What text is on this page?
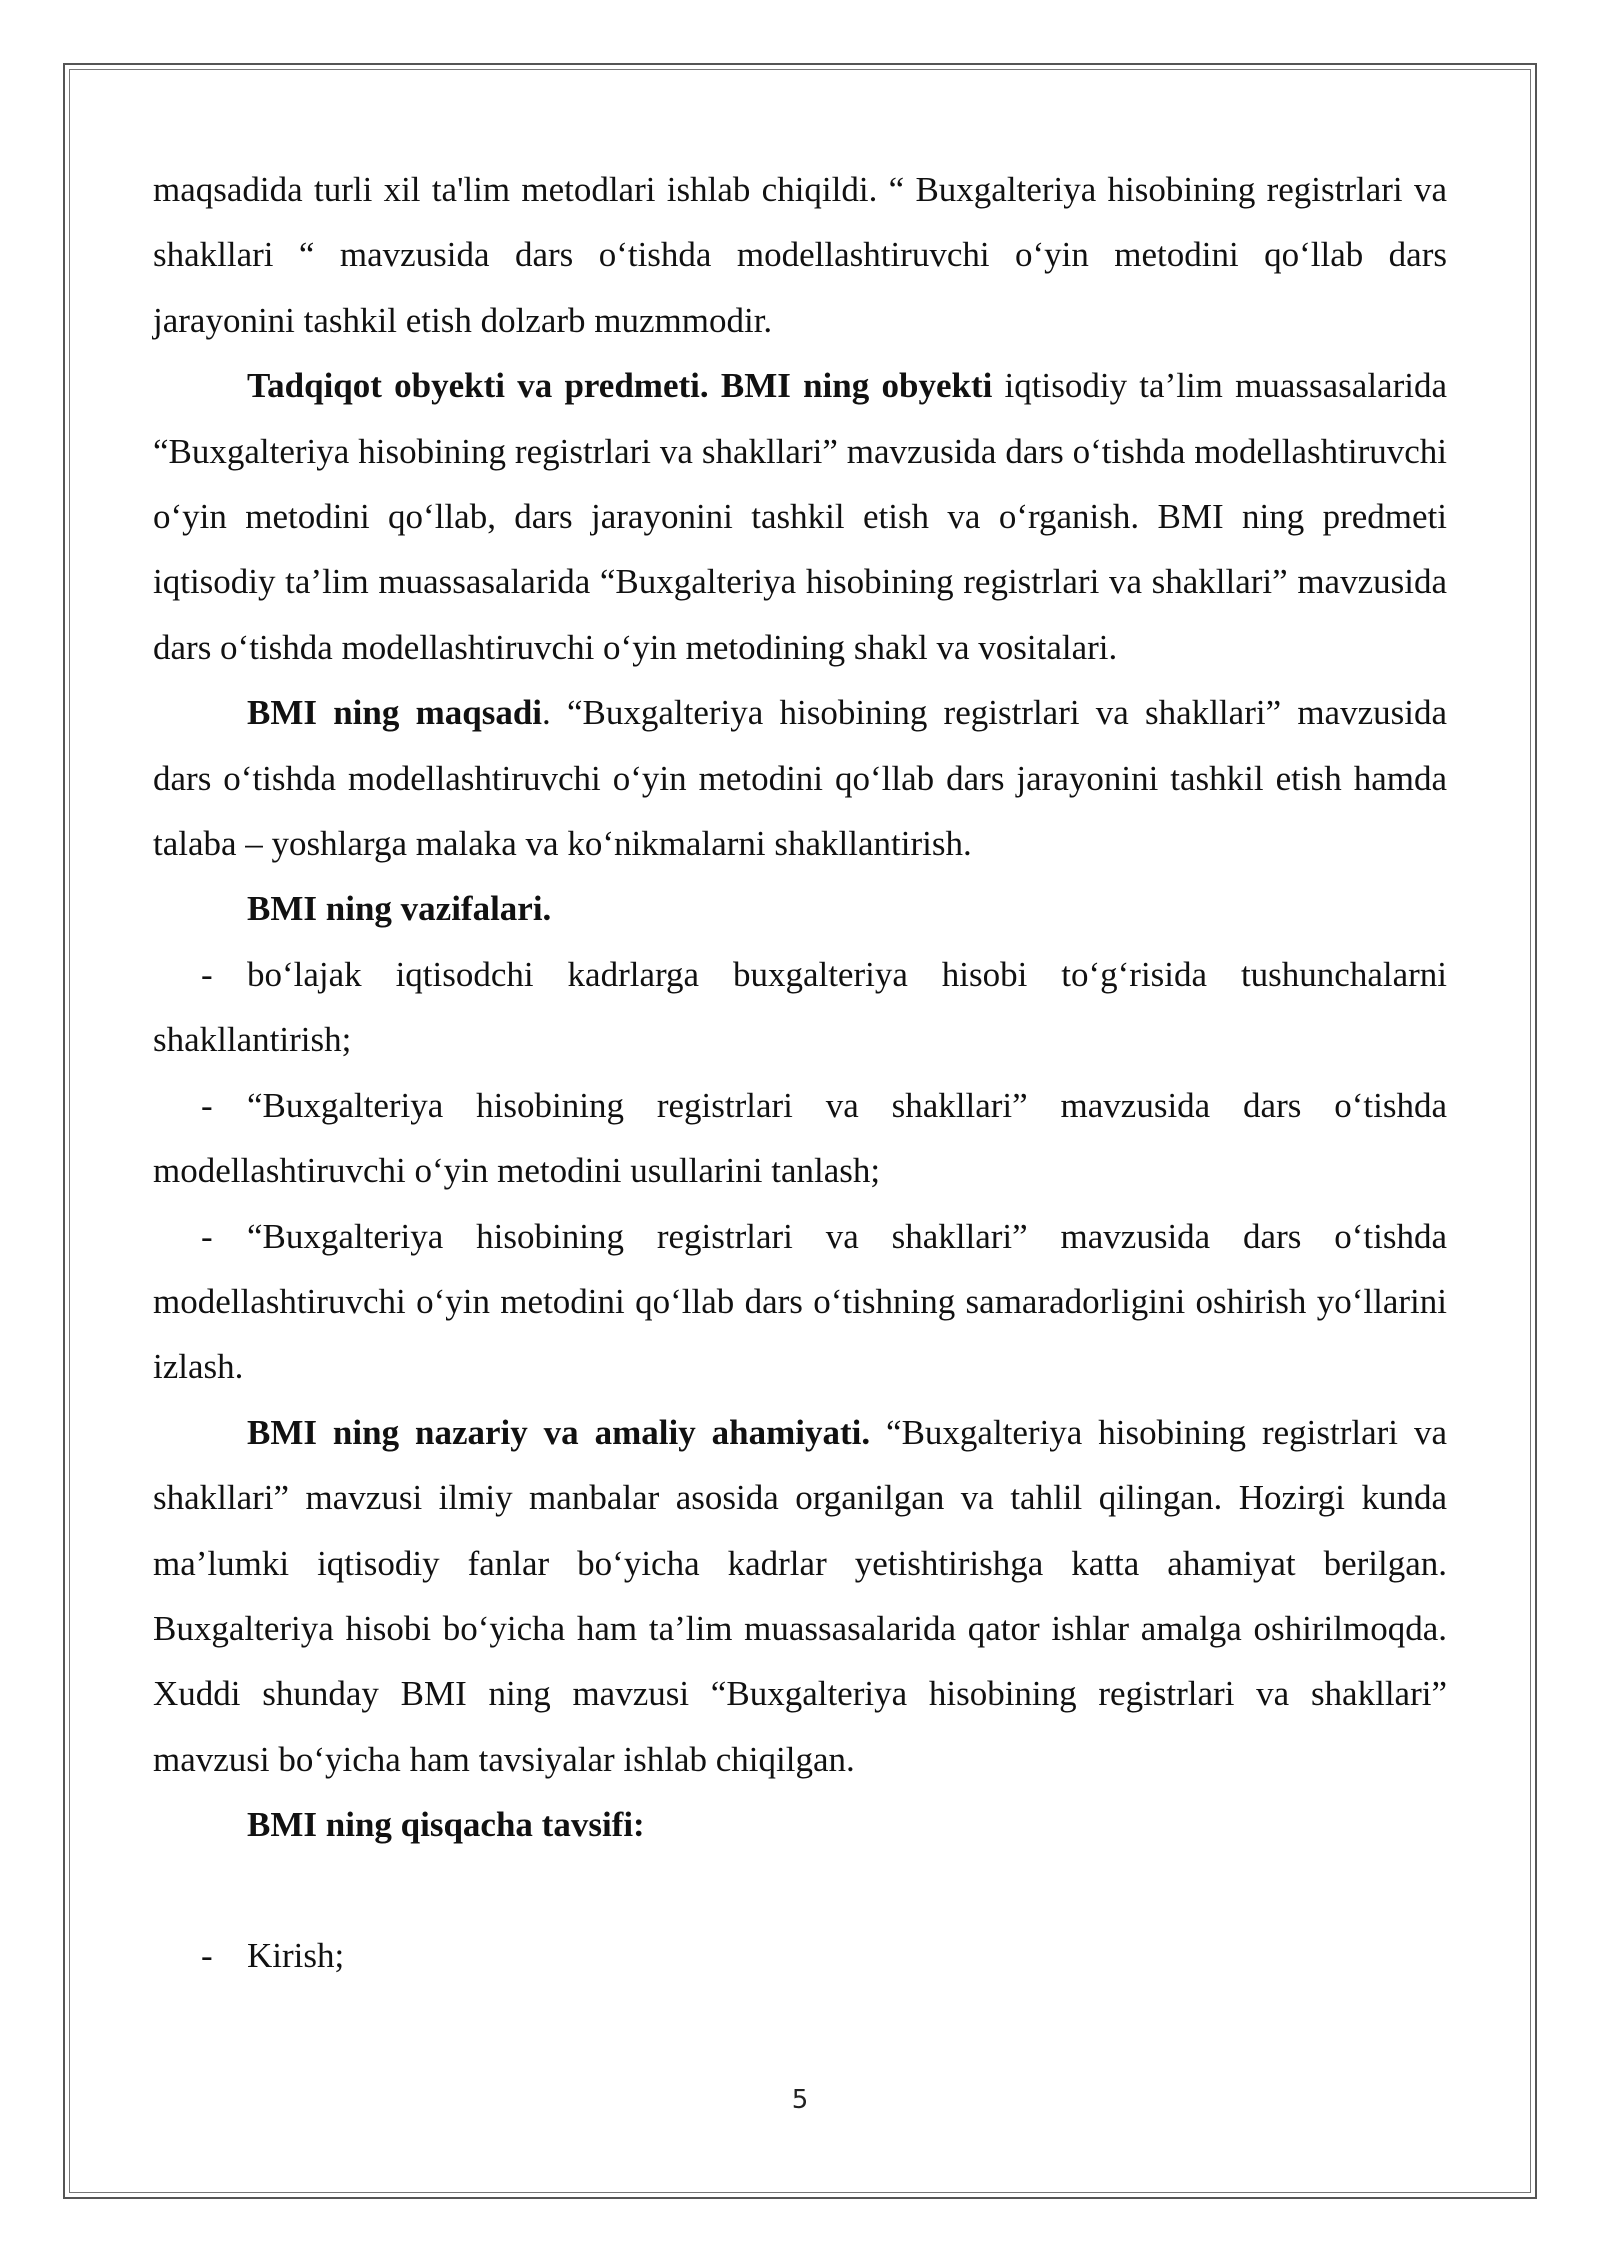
maqsadida turli xil ta'lim metodlari ishlab chiqildi. “ Buxgalteriya hisobining registrlari va shakllari “ mavzusida dars o‘tishda modellashtiruvchi o‘yin metodini qo‘llab dars jarayonini tashkil etish dolzarb muzmmodir.

Tadqiqot obyekti va predmeti. BMI ning obyekti iqtisodiy ta’lim muassasalarida “Buxgalteriya hisobining registrlari va shakllari” mavzusida dars o‘tishda modellashtiruvchi o‘yin metodini qo‘llab, dars jarayonini tashkil etish va o‘rganish. BMI ning predmeti iqtisodiy ta’lim muassasalarida “Buxgalteriya hisobining registrlari va shakllari” mavzusida dars o‘tishda modellashtiruvchi o‘yin metodining shakl va vositalari.

BMI ning maqsadi. “Buxgalteriya hisobining registrlari va shakllari” mavzusida dars o‘tishda modellashtiruvchi o‘yin metodini qo‘llab dars jarayonini tashkil etish hamda talaba – yoshlarga malaka va ko‘nikmalarni shakllantirish.

BMI ning vazifalari.

- bo‘lajak iqtisodchi kadrlarga buxgalteriya hisobi to‘g‘risida tushunchalarni shakllantirish;

- “Buxgalteriya hisobining registrlari va shakllari” mavzusida dars o‘tishda modellashtiruvchi o‘yin metodini usullarini tanlash;

- “Buxgalteriya hisobining registrlari va shakllari” mavzusida dars o‘tishda modellashtiruvchi o‘yin metodini qo‘llab dars o‘tishning samaradorligini oshirish yo‘llarini izlash.

BMI ning nazariy va amaliy ahamiyati. “Buxgalteriya hisobining registrlari va shakllari” mavzusi ilmiy manbalar asosida organilgan va tahlil qilingan. Hozirgi kunda ma’lumki iqtisodiy fanlar bo‘yicha kadrlar yetishtirishga katta ahamiyat berilgan. Buxgalteriya hisobi bo‘yicha ham ta’lim muassasalarida qator ishlar amalga oshirilmoqda. Xuddi shunday BMI ning mavzusi “Buxgalteriya hisobining registrlari va shakllari” mavzusi bo‘yicha ham tavsiyalar ishlab chiqilgan.

BMI ning qisqacha tavsifi:

- Kirish;

5
